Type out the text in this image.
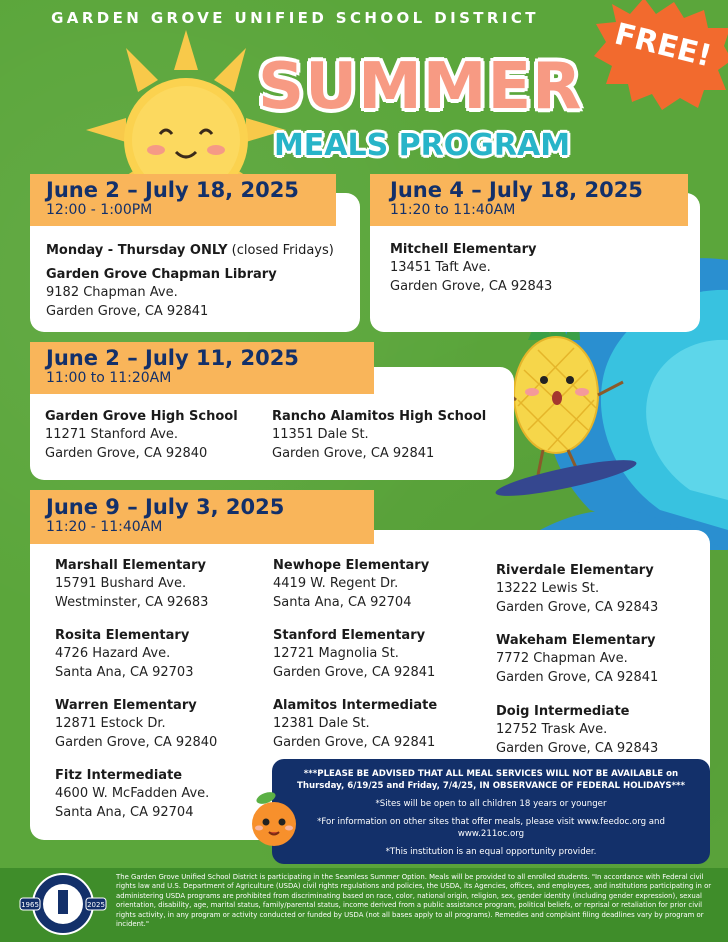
GARDEN GROVE UNIFIED SCHOOL DISTRICT	FREE!
SUMMER
MEALS PROGRAM
June 2 – July 18, 2025
12:00 - 1:00PM
Monday - Thursday ONLY (closed Fridays)
Garden Grove Chapman Library
9182 Chapman Ave.
Garden Grove, CA 92841
June 4 – July 18, 2025
11:20 to 11:40AM
Mitchell Elementary
13451 Taft Ave.
Garden Grove, CA 92843
June 2 – July 11, 2025
11:00 to 11:20AM
Garden Grove High School
11271 Stanford Ave.
Garden Grove, CA 92840
Rancho Alamitos High School
11351 Dale St.
Garden Grove, CA 92841
June 9 – July 3, 2025
11:20 - 11:40AM
Marshall Elementary
15791 Bushard Ave.
Westminster, CA 92683
Rosita Elementary
4726 Hazard Ave.
Santa Ana, CA 92703
Warren Elementary
12871 Estock Dr.
Garden Grove, CA 92840
Fitz Intermediate
4600 W. McFadden Ave.
Santa Ana, CA 92704
Newhope Elementary
4419 W. Regent Dr.
Santa Ana, CA 92704
Stanford Elementary
12721 Magnolia St.
Garden Grove, CA 92841
Alamitos Intermediate
12381 Dale St.
Garden Grove, CA 92841
Riverdale Elementary
13222 Lewis St.
Garden Grove, CA 92843
Wakeham Elementary
7772 Chapman Ave.
Garden Grove, CA 92841
Doig Intermediate
12752 Trask Ave.
Garden Grove, CA 92843
***PLEASE BE ADVISED THAT ALL MEAL SERVICES WILL NOT BE AVAILABLE on Thursday, 6/19/25 and Friday, 7/4/25, IN OBSERVANCE OF FEDERAL HOLIDAYS***
*Sites will be open to all children 18 years or younger
*For information on other sites that offer meals, please visit www.feedoc.org and www.211oc.org
*This institution is an equal opportunity provider.
1965	2025
The Garden Grove Unified School District is participating in the Seamless Summer Option. Meals will be provided to all enrolled students. "In accordance with Federal civil rights law and U.S. Department of Agriculture (USDA) civil rights regulations and policies, the USDA, its Agencies, offices, and employees, and institutions participating in or administering USDA programs are prohibited from discriminating based on race, color, national origin, religion, sex, gender identity (including gender expression), sexual orientation, disability, age, marital status, family/parental status, income derived from a public assistance program, political beliefs, or reprisal or retaliation for prior civil rights activity, in any program or activity conducted or funded by USDA (not all bases apply to all programs). Remedies and complaint filing deadlines vary by program or incident."
